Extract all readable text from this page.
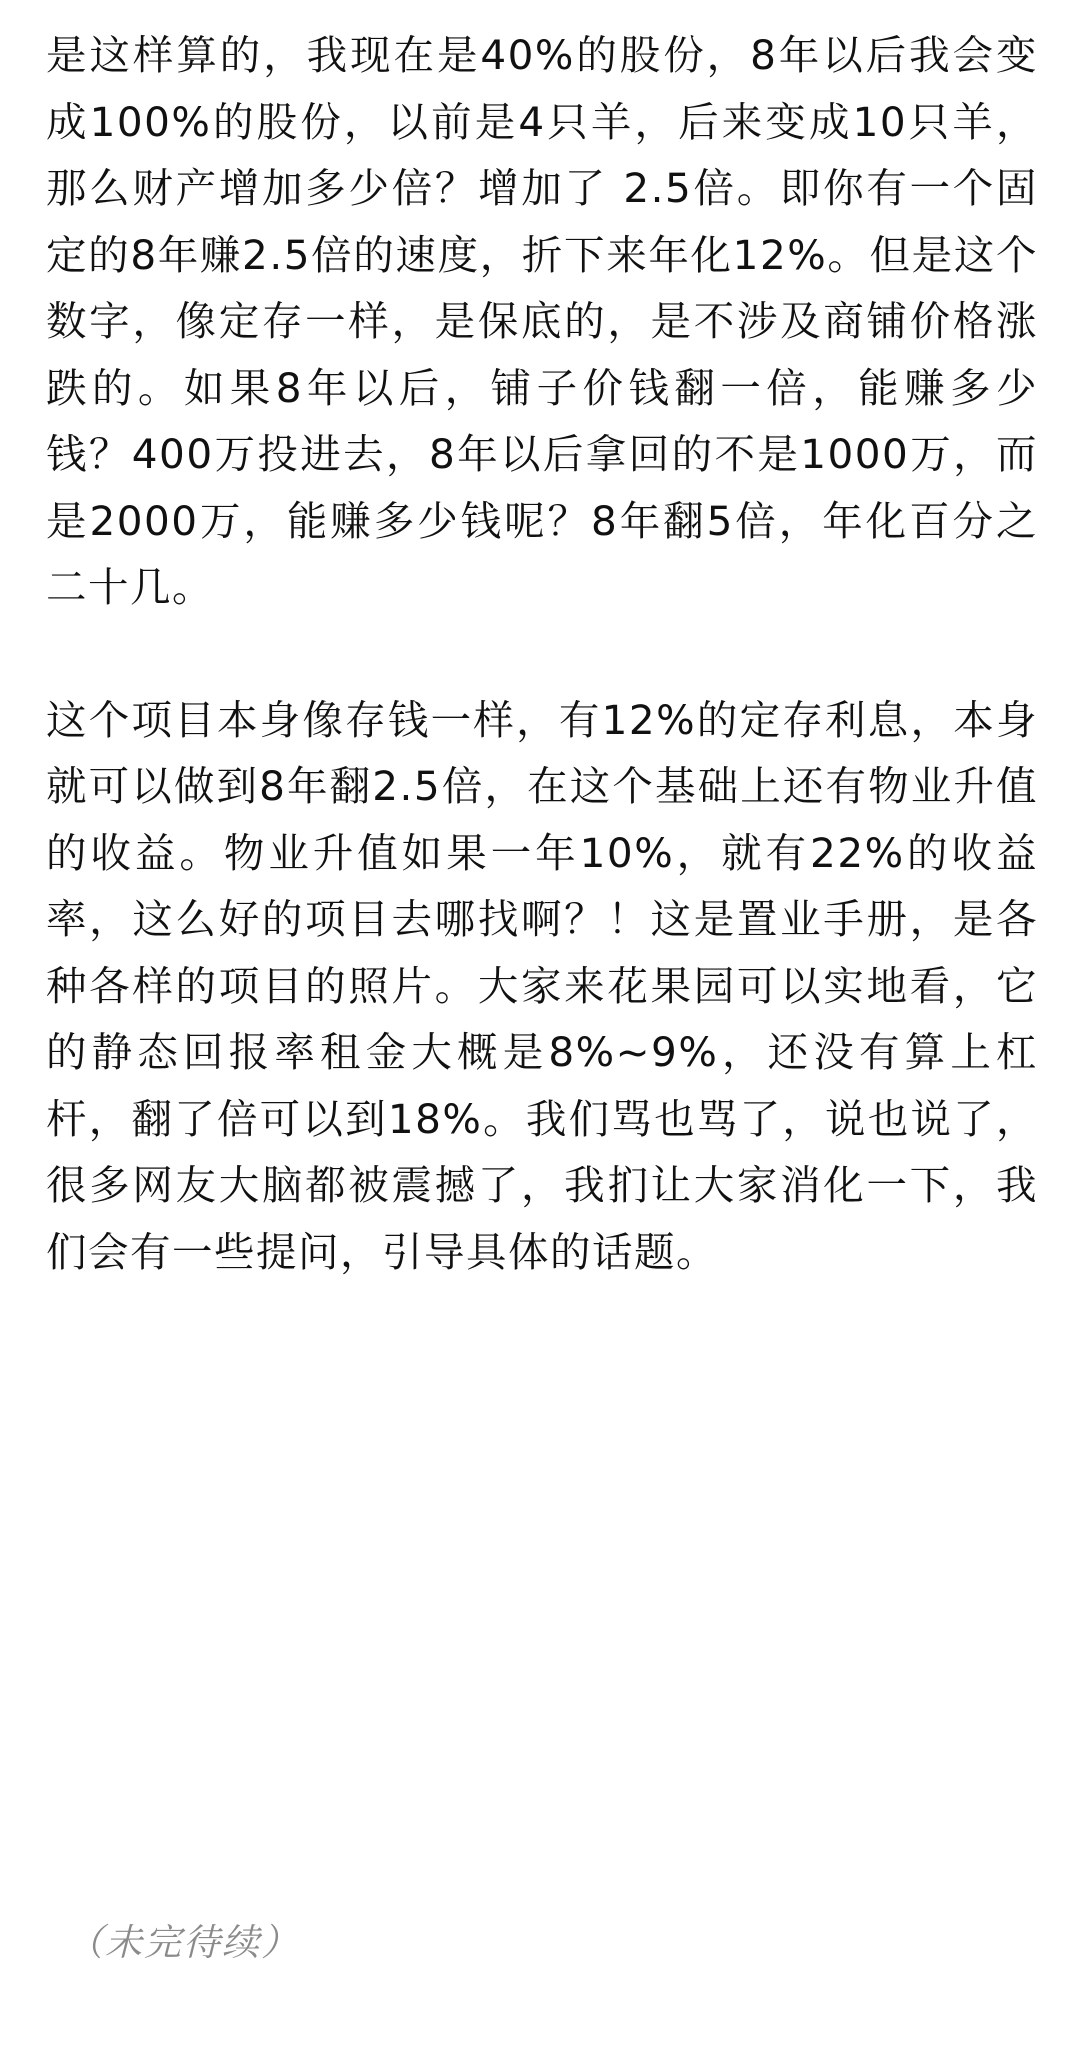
是这样算的，我现在是40%的股份，8年以后我会变成100%的股份，以前是4只羊，后来变成10只羊，那么财产增加多少倍？增加了 2.5倍。即你有一个固定的8年赚2.5倍的速度，折下来年化12%。但是这个数字，像定存一样，是保底的，是不涉及商铺价格涨跌的。如果8年以后，铺子价钱翻一倍，能赚多少钱？400万投进去，8年以后拿回的不是1000万，而是2000万，能赚多少钱呢？8年翻5倍，年化百分之二十几。

这个项目本身像存钱一样，有12%的定存利息，本身就可以做到8年翻2.5倍，在这个基础上还有物业升值的收益。物业升值如果一年10%，就有22%的收益率，这么好的项目去哪找啊？！这是置业手册，是各种各样的项目的照片。大家来花果园可以实地看，它的静态回报率租金大概是8%~9%，还没有算上杠杆，翻了倍可以到18%。我们骂也骂了，说也说了，很多网友大脑都被震撼了，我扪让大家消化一下，我们会有一些提问，引导具体的话题。

（未完待续）
